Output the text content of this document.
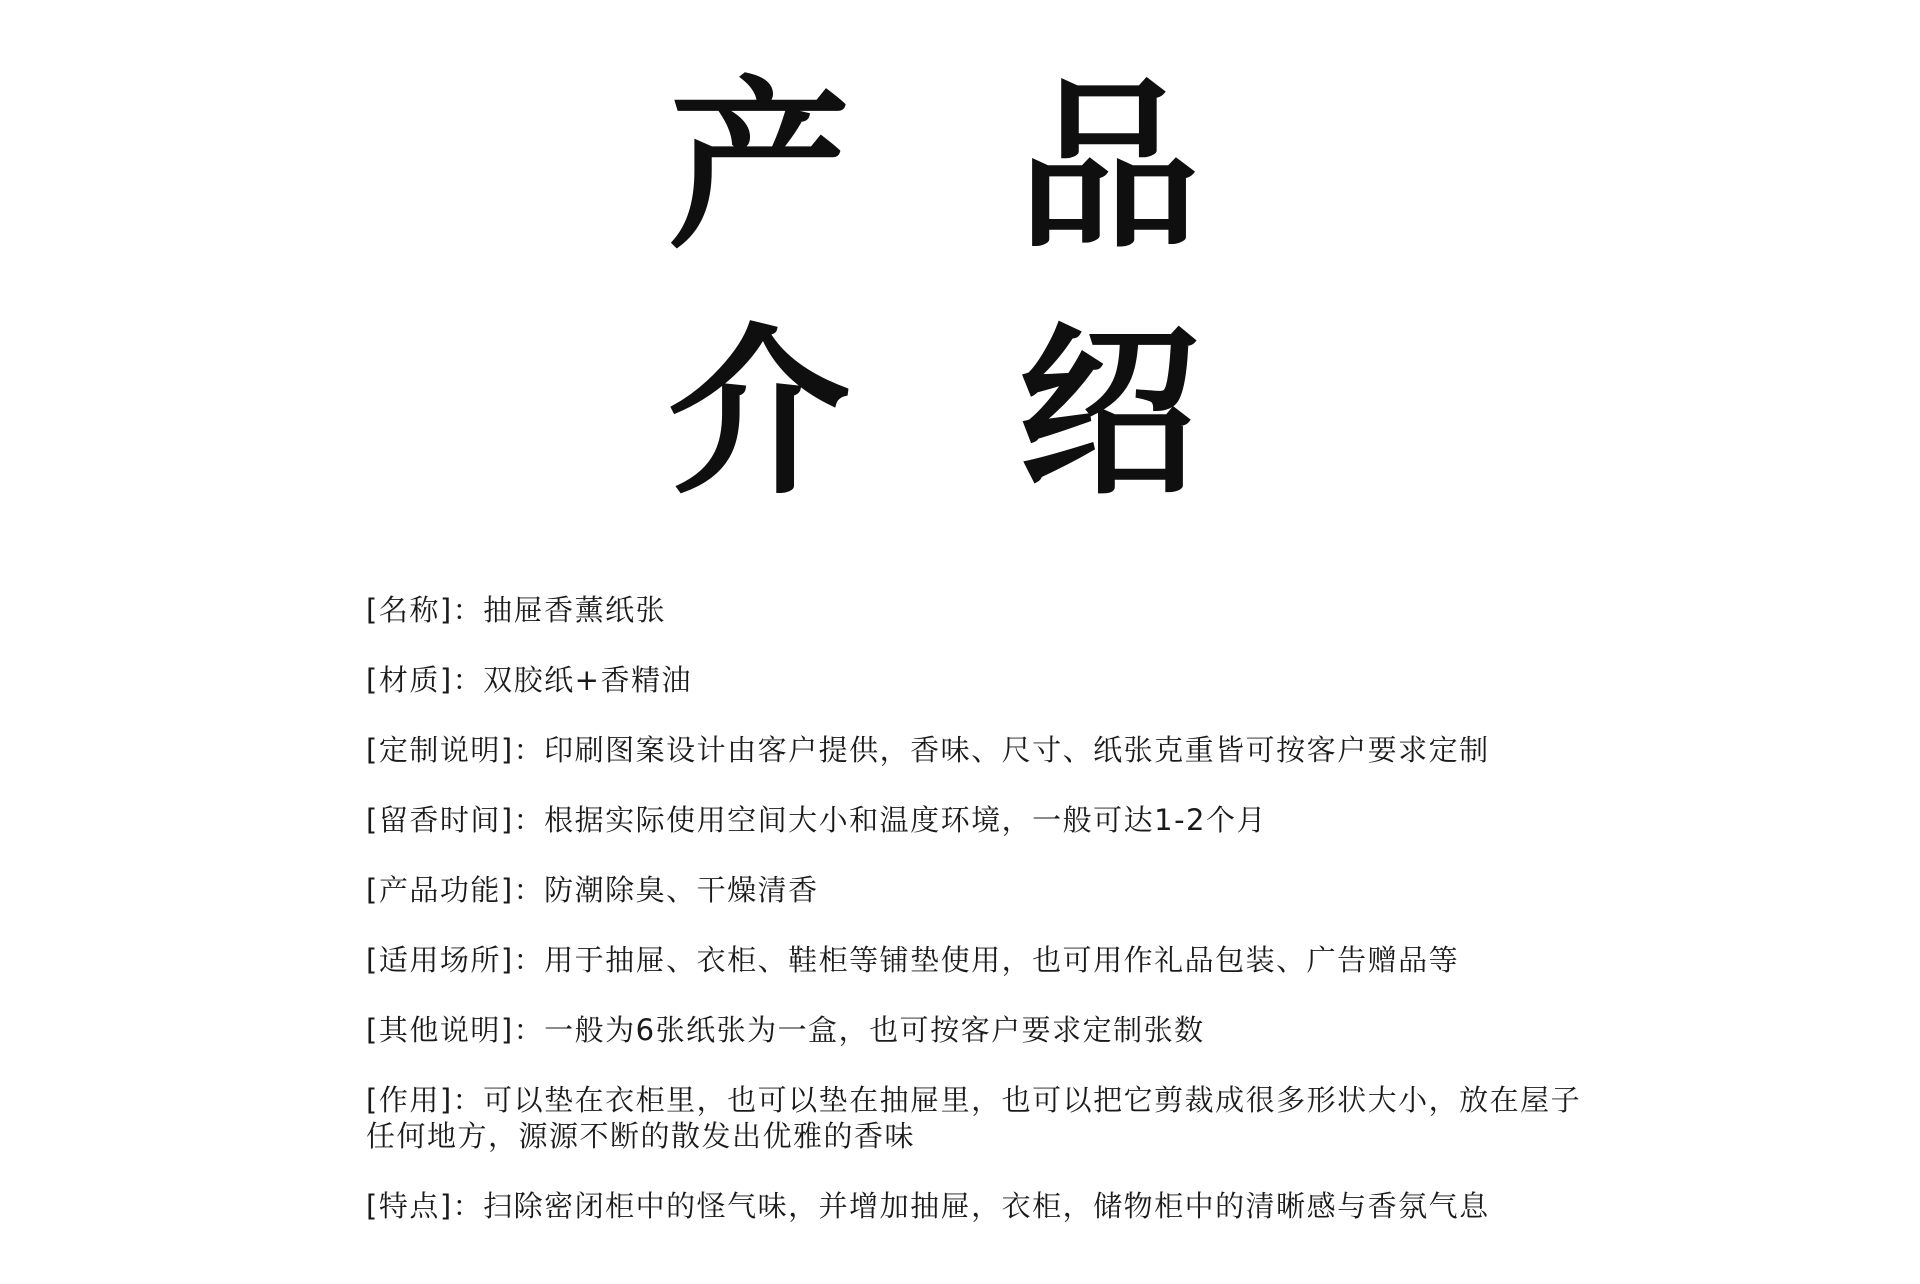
产 品
介 绍
[名称]：抽屉香薰纸张
[材质]：双胶纸+香精油
[定制说明]：印刷图案设计由客户提供，香味、尺寸、纸张克重皆可按客户要求定制
[留香时间]：根据实际使用空间大小和温度环境，一般可达1-2个月
[产品功能]：防潮除臭、干燥清香
[适用场所]：用于抽屉、衣柜、鞋柜等铺垫使用，也可用作礼品包装、广告赠品等
[其他说明]：一般为6张纸张为一盒，也可按客户要求定制张数
[作用]：可以垫在衣柜里，也可以垫在抽屉里，也可以把它剪裁成很多形状大小，放在屋子任何地方，源源不断的散发出优雅的香味
[特点]：扫除密闭柜中的怪气味，并增加抽屉，衣柜，储物柜中的清晰感与香氛气息
